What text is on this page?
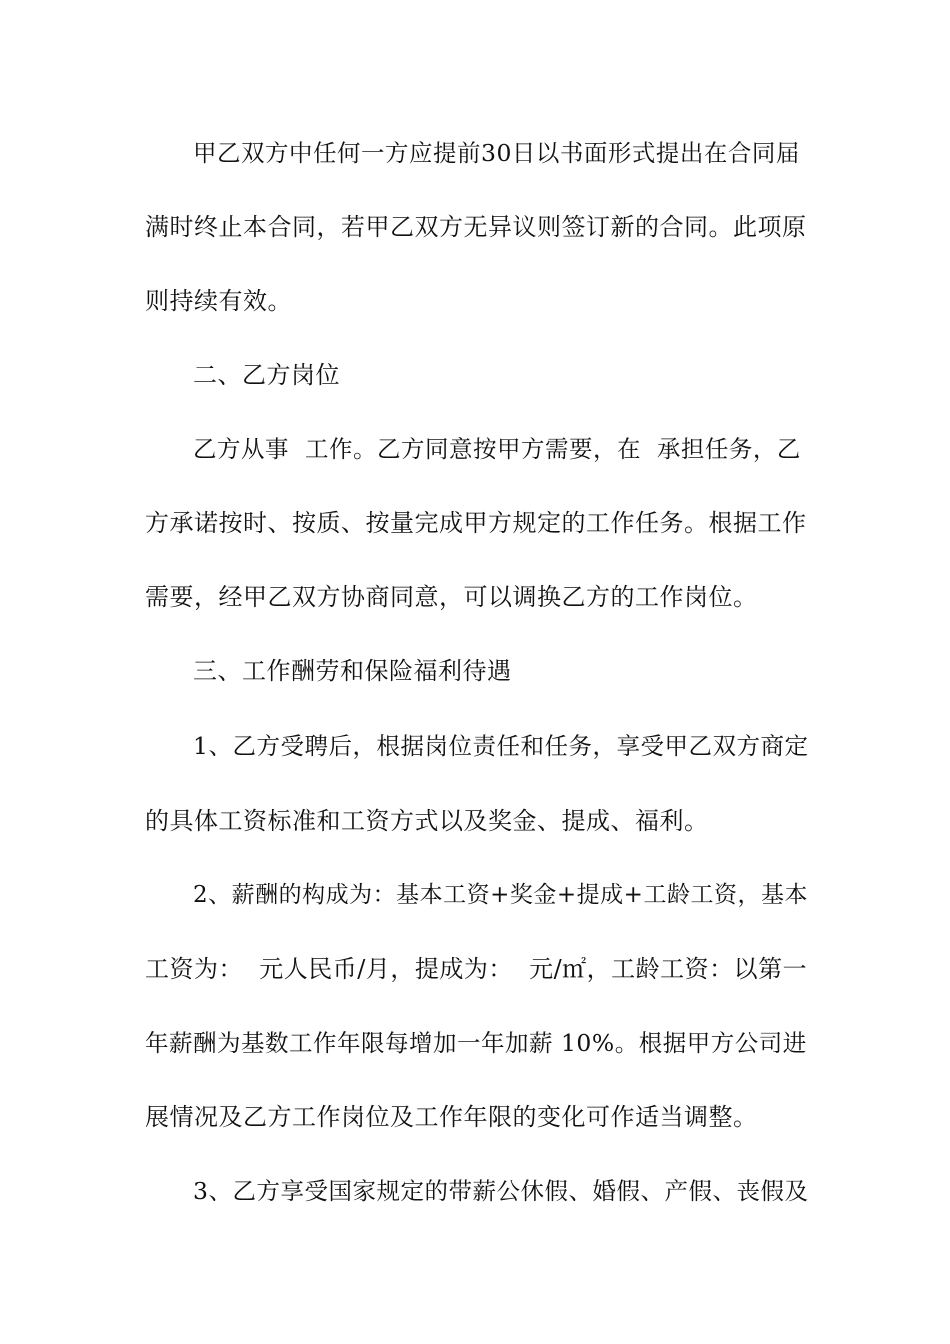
甲乙双方中任何一方应提前30日以书面形式提出在合同届
满时终止本合同，若甲乙双方无异议则签订新的合同。此项原
则持续有效。
二、乙方岗位
乙方从事  工作。乙方同意按甲方需要，在  承担任务，乙
方承诺按时、按质、按量完成甲方规定的工作任务。根据工作
需要，经甲乙双方协商同意，可以调换乙方的工作岗位。
三、工作酬劳和保险福利待遇
1、乙方受聘后，根据岗位责任和任务，享受甲乙双方商定
的具体工资标准和工资方式以及奖金、提成、福利。
2、薪酬的构成为：基本工资+奖金+提成+工龄工资，基本
工资为：  元人民币/月，提成为：  元/㎡，工龄工资：以第一
年薪酬为基数工作年限每增加一年加薪 10%。根据甲方公司进
展情况及乙方工作岗位及工作年限的变化可作适当调整。
3、乙方享受国家规定的带薪公休假、婚假、产假、丧假及
